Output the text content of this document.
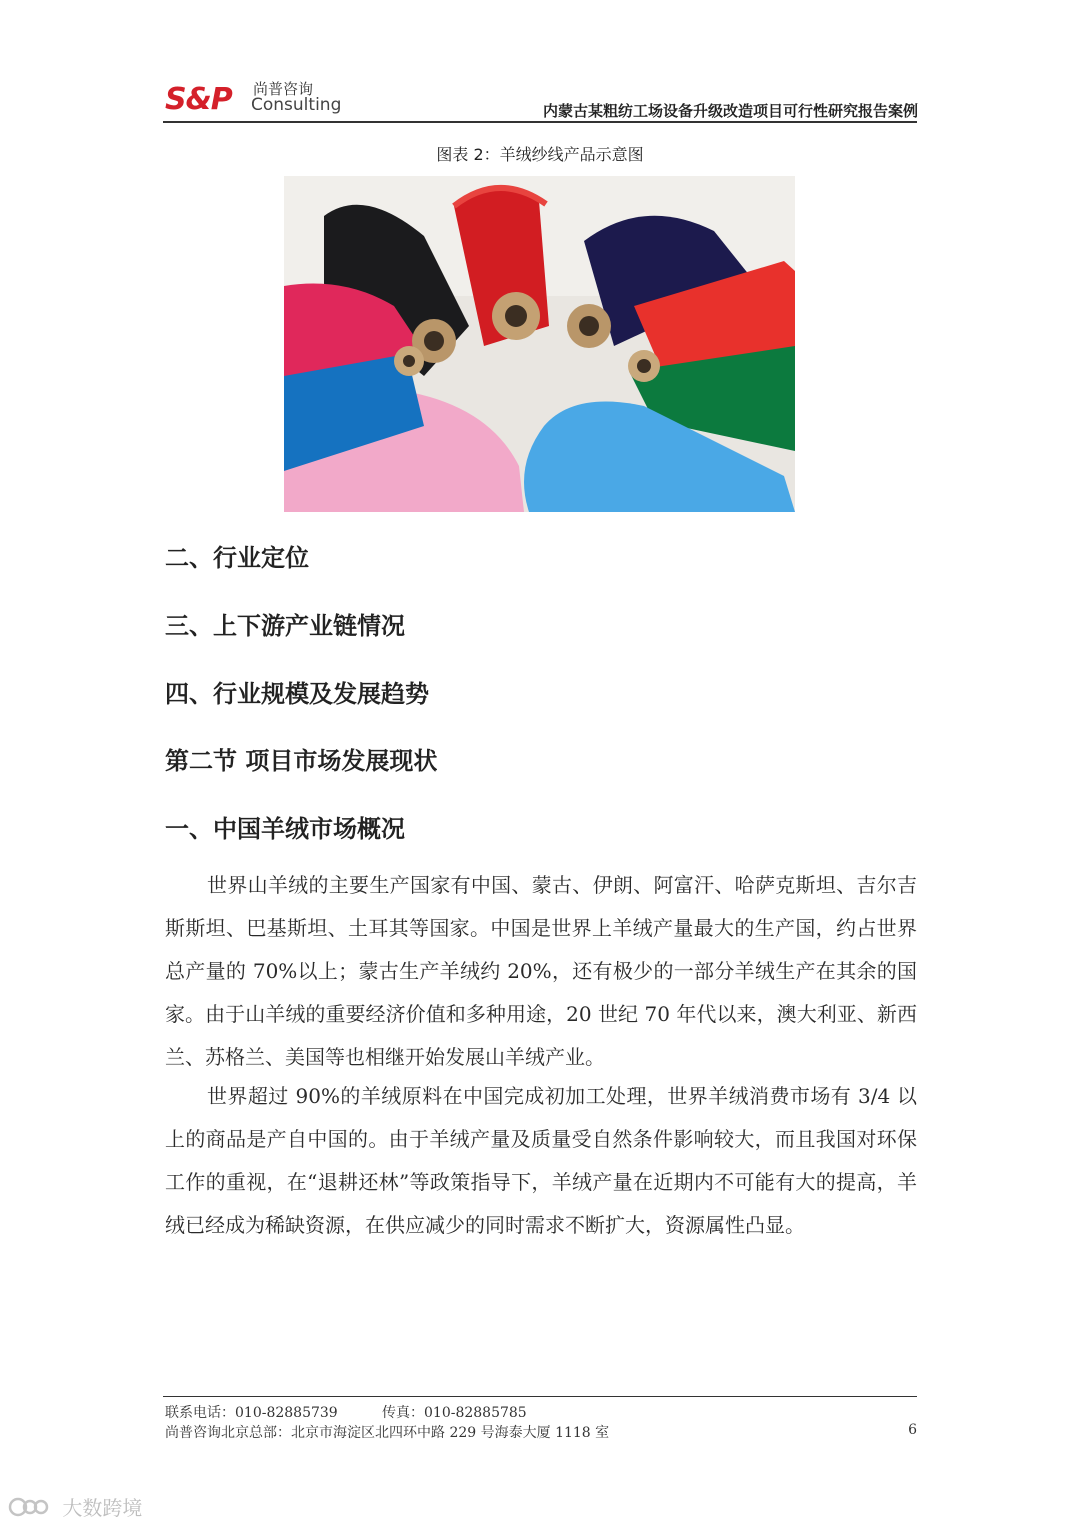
S&P 尚普咨询
Consulting	内蒙古某粗纺工场设备升级改造项目可行性研究报告案例
图表 2：羊绒纱线产品示意图
二、行业定位
三、上下游产业链情况
四、行业规模及发展趋势
第二节 项目市场发展现状
一、中国羊绒市场概况
世界山羊绒的主要生产国家有中国、蒙古、伊朗、阿富汗、哈萨克斯坦、吉尔吉斯斯坦、巴基斯坦、土耳其等国家。中国是世界上羊绒产量最大的生产国，约占世界总产量的 70%以上；蒙古生产羊绒约 20%，还有极少的一部分羊绒生产在其余的国家。由于山羊绒的重要经济价值和多种用途，20 世纪 70 年代以来，澳大利亚、新西兰、苏格兰、美国等也相继开始发展山羊绒产业。
世界超过 90%的羊绒原料在中国完成初加工处理，世界羊绒消费市场有 3/4 以上的商品是产自中国的。由于羊绒产量及质量受自然条件影响较大，而且我国对环保工作的重视，在“退耕还林”等政策指导下，羊绒产量在近期内不可能有大的提高，羊绒已经成为稀缺资源，在供应减少的同时需求不断扩大，资源属性凸显。
联系电话：010-82885739	传真：010-82885785
尚普咨询北京总部：北京市海淀区北四环中路 229 号海泰大厦 1118 室	6
大数跨境
